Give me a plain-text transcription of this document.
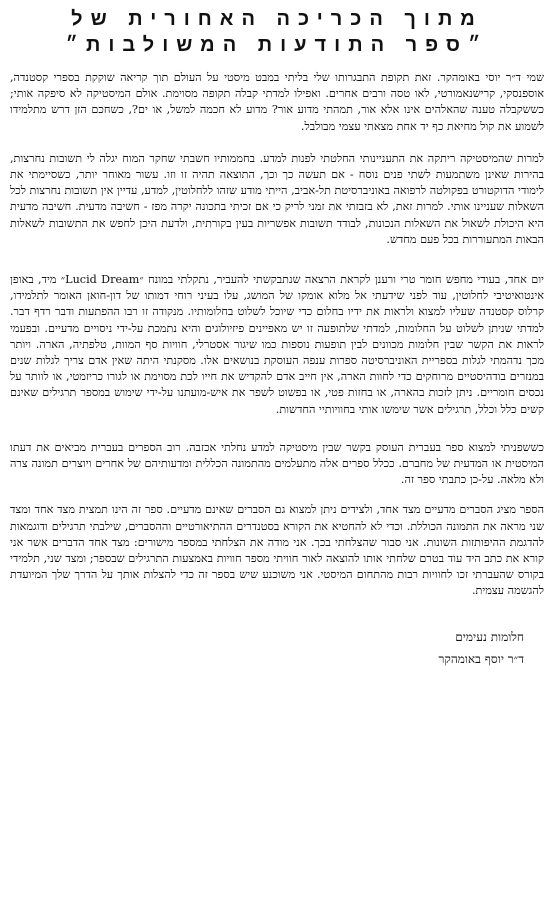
מתוך הכריכה האחורית של
״ספר התודעות המשולבות״

שמי ד״ר יוסי באומהקר. זאת תקופת התבגרותו שלי בליתי במבט מיסטי על העולם תוך קריאה שוקקת בספרי קסטנדה, אוספנסקי, קרישנאמורטי, לאו טסה ורבים אחרים. ואפילו למדתי קבלה תקופה מסוימת. אולם המיסטיקה לא סיפקה אותי; כששקבלה טענה שהאלהים אינו אלא אור, תמהתי מדוע אור? מדוע לא חכמה למשל, או ים?, כשחכם הזן דרש מתלמידו לשמוע את קול מחיאת כף יד אחת מצאתי עצמי מבולבל.

למרות שהמיסטיקה ריתקה את התעניינותי החלטתי לפנות למדע. בחממותיו חשבתי שחקר המוח יגלה לי תשובות נחרצות, בהירות שאינן משתמעות לשתי פנים נוסח - אם תעשה כך וכך, התוצאה תהיה זו וזו. עשור מאוחר יותר, כשסיימתי את לימודי הדוקטורט בפקולטה לרפואה באוניברסיטת תל-אביב, הייתי מודע שזהו ללחלוטין, למדע, עדיין אין תשובות נחרצות לכל השאלות שעניינו אותי. למרות זאת, לא בזבזתי את זמני לריק כי אם זכיתי בתכונה יקרה מפז - חשיבה מדעית. חשיבה מדעית היא היכולת לשאול את השאלות הנכונות, לבודד תשובות אפשריות בעין בקורתית, ולדעת היכן לחפש את התשובות לשאלות הבאות המתעוררות בכל פעם מחדש.

יום אחד, בעודי מחפש חומר טרי ורענן לקראת הרצאה שנתבקשתי להעביר, נתקלתי במונח ״Lucid Dream״ מיד, באופן אינטואיטיבי לחלוטין, עוד לפני שידעתי אל מלוא אומקו של המושג, עלו בעיני רוחי דמותו של דון-חואן האומר לתלמידו, קרלוס קסטנדה שעליו למצוא ולראות את ידיו בחלום כדי שיוכל לשלוט בחלומותיו. מנקודה זו רבו ההפתעות ודבר רדף דבר. למדתי שניתן לשלוט על החלומות, למדתי שלתופעה זו יש מאפיינים פיזיולוגים והיא נתמכת על-ידי ניסויים מדעיים. ובפעמי לראות את הקשר שבין חלומות מכוונים לבין תופעות נוספות כמו שיגור אסטרלי, חוויות סף המוות, טלפתיה, הארה. ויותר מכך נדהמתי לגלות בספריית האוניברסיטה ספרות ענפה העוסקת בנושאים אלו. מסקנתי היתה שאין אדם צריך לגלות שנים במנזרים בודהיסטיים מרוחקים כדי לחוות הארה, אין חייב אדם להקדיש את חייו לכת מסוימת או לגורו כריזמטי, או לוותר על נכסים חומריים. ניתן לזכות בהארה, או בחזות פטי, או בפשוט לשפר את איש-מועתנו על-ידי שימוש במספר תרגילים שאינם קשים כלל וכלל, תרגילים אשר שימשו אותי בחוויותיי החדשות.

כששפניתי למצוא ספר בעברית העוסק בקשר שבין מיסטיקה למדע נחלתי אכזבה. רוב הספרים בעברית מביאים את דעתו המיסטית או המדעית של מחברם. ככלל ספרים אלה מתעלמים מהתמונה הכללית ומדעותיהם של אחרים ויוצרים תמונה צרה ולא מלאה. על-כן כתבתי ספר זה.

הספר מציג הסברים מדעיים מצד אחד, ולצידים ניתן למצוא גם הסברים שאינם מדעיים. ספר זה הינו תמצית מצד אחד ומצד שני מראה את התמונה הכוללת. וכדי לא להחטיא את הקורא בסטנדרים ההתיאורטיים וההסברים, שילבתי תרגילים ודוגמאות להדגמת ההיפותזות השונות. אני סבור שהצלחתי בכך. אני מודה את הצלחתי במספר מישורים: מצד אחד הדברים אשר אני קורא את כתב היד עוד בטרם שלחתי אותו להוצאה לאור חוויתי מספר חוויות באמצעות התרגילים שבספר; ומצד שני, תלמידי בקורס שהעברתי זכו לחוויות רבות מהתחום המיסטי. אני משוכנע שיש בספר זה כדי להצלות אותך על הדרך שלך המיועדת להגשמה עצמית.

חלומות נעימים

ד״ר יוסף באומהקר
